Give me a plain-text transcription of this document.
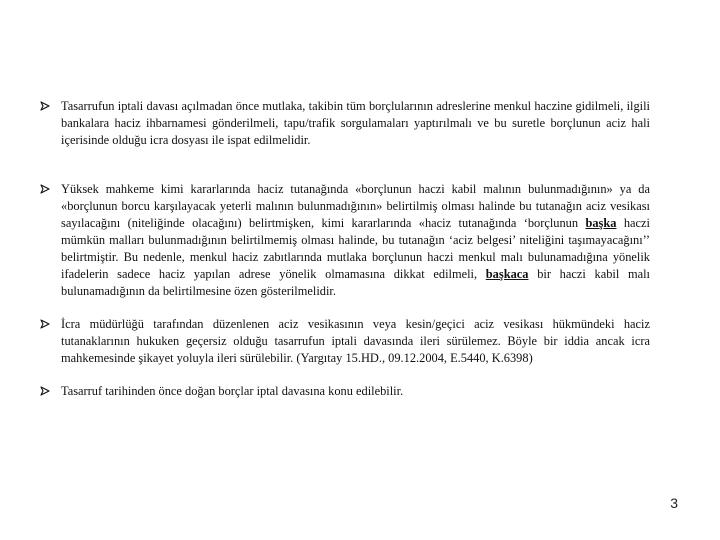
Tasarrufun iptali davası açılmadan önce mutlaka, takibin tüm borçlularının adreslerine menkul haczine gidilmeli, ilgili bankalara haciz ihbarnamesi gönderilmeli, tapu/trafik sorgulamaları yaptırılmalı ve bu suretle borçlunun aciz hali içerisinde olduğu icra dosyası ile ispat edilmelidir.
Yüksek mahkeme kimi kararlarında haciz tutanağında «borçlunun haczi kabil malının bulunmadığının» ya da «borçlunun borcu karşılayacak yeterli malının bulunmadığının» belirtilmiş olması halinde bu tutanağın aciz vesikası sayılacağını (niteliğinde olacağını) belirtmişken, kimi kararlarında «haciz tutanağında ‘borçlunun başka haczi mümkün malları bulunmadığının belirtilmemiş olması halinde, bu tutanağın ‘aciz belgesi’ niteliğini taşımayacağını’’ belirtmiştir. Bu nedenle, menkul haciz zabıtlarında mutlaka borçlunun haczi menkul malı bulunamadığına yönelik ifadelerin sadece haciz yapılan adrese yönelik olmamasına dikkat edilmeli, başkaca bir haczi kabil malı bulunamadığının da belirtilmesine özen gösterilmelidir.
İcra müdürlüğü tarafından düzenlenen aciz vesikasının veya kesin/geçici aciz vesikası hükmündeki haciz tutanaklarının hukuken geçersiz olduğu tasarrufun iptali davasında ileri sürülemez. Böyle bir iddia ancak icra mahkemesinde şikayet yoluyla ileri sürülebilir. (Yargıtay 15.HD., 09.12.2004, E.5440, K.6398)
Tasarruf tarihinden önce doğan borçlar iptal davasına konu edilebilir.
3
